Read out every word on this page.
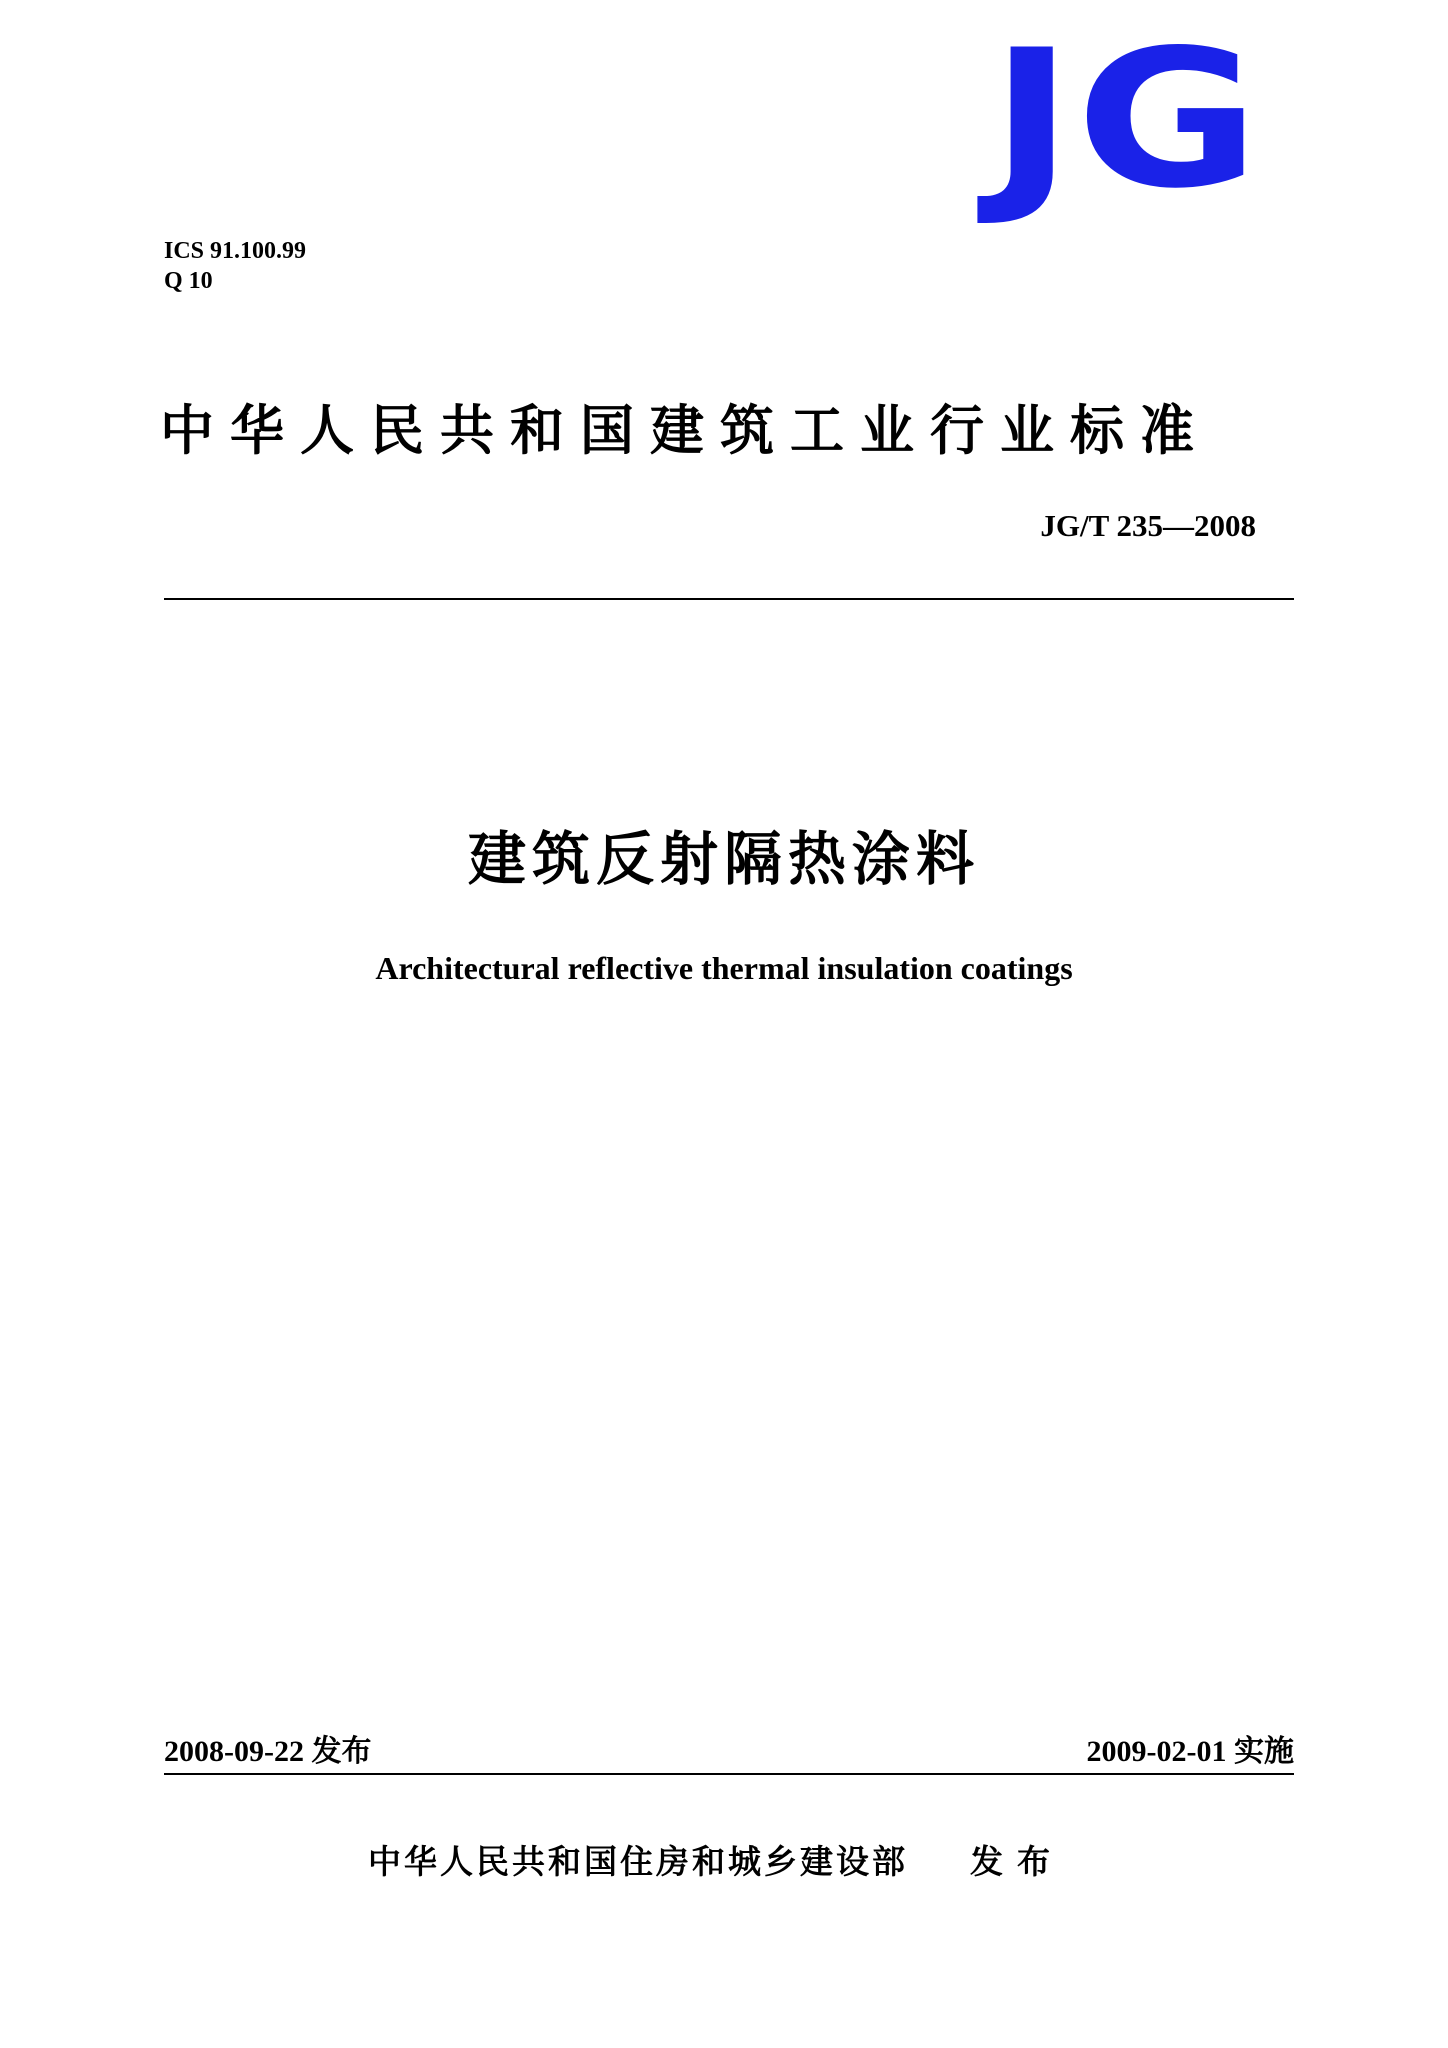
JG
ICS 91.100.99
Q 10
中华人民共和国建筑工业行业标准
JG/T 235—2008
建筑反射隔热涂料
Architectural reflective thermal insulation coatings
2008-09-22 发布	2009-02-01 实施
中华人民共和国住房和城乡建设部 发布
